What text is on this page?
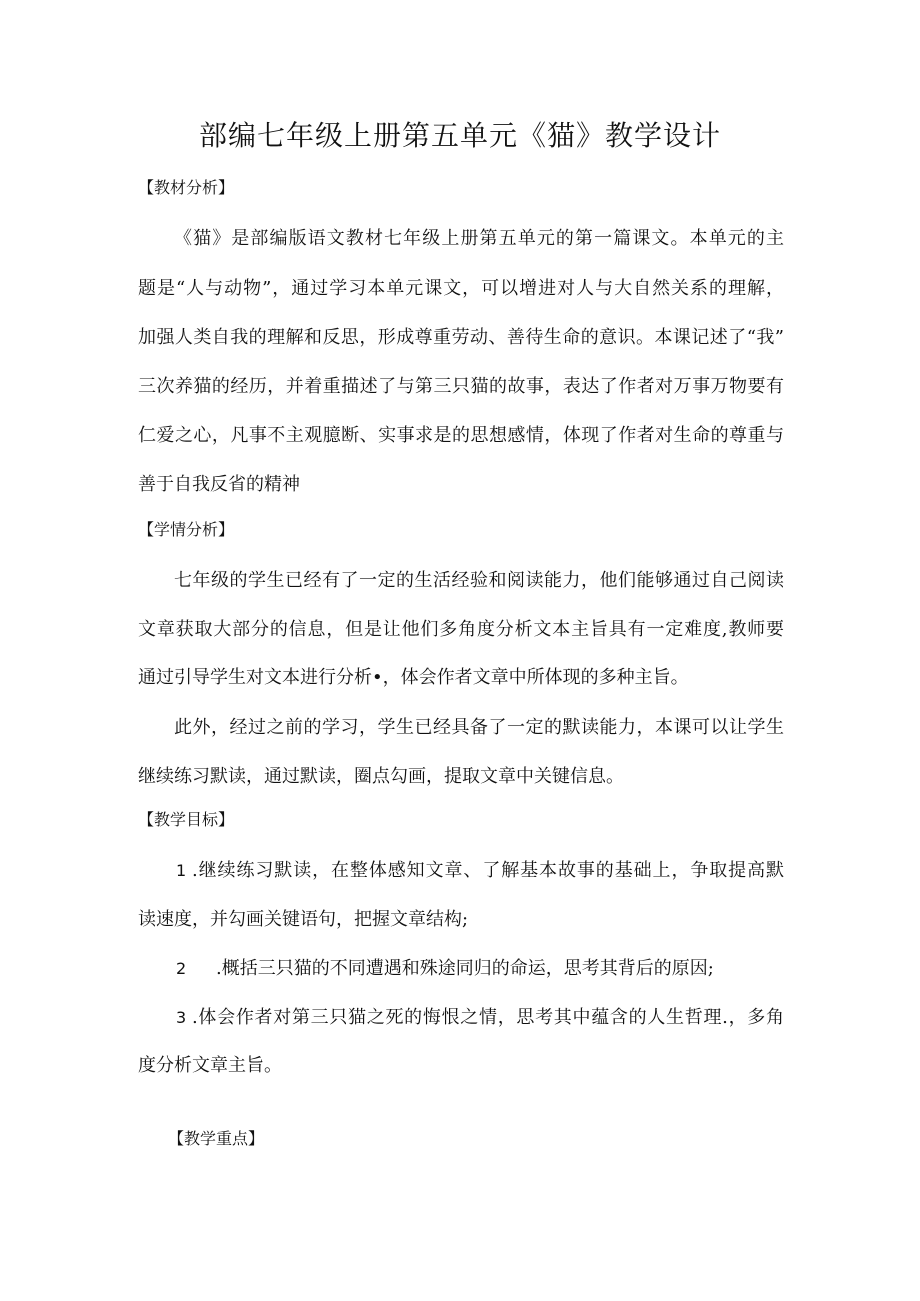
部编七年级上册第五单元《猫》教学设计
【教材分析】
《猫》是部编版语文教材七年级上册第五单元的第一篇课文。本单元的主
题是“人与动物”，通过学习本单元课文，可以增进对人与大自然关系的理解，
加强人类自我的理解和反思，形成尊重劳动、善待生命的意识。本课记述了“我”
三次养猫的经历，并着重描述了与第三只猫的故事，表达了作者对万事万物要有
仁爱之心，凡事不主观臆断、实事求是的思想感情，体现了作者对生命的尊重与
善于自我反省的精神
【学情分析】
七年级的学生已经有了一定的生活经验和阅读能力，他们能够通过自己阅读
文章获取大部分的信息，但是让他们多角度分析文本主旨具有一定难度,教师要
通过引导学生对文本进行分析•，体会作者文章中所体现的多种主旨。
此外，经过之前的学习，学生已经具备了一定的默读能力，本课可以让学生
继续练习默读，通过默读，圈点勾画，提取文章中关键信息。
【教学目标】
1 .继续练习默读，在整体感知文章、了解基本故事的基础上，争取提高默
读速度，并勾画关键语句，把握文章结构;
2 .概括三只猫的不同遭遇和殊途同归的命运，思考其背后的原因;
3 .体会作者对第三只猫之死的悔恨之情，思考其中蕴含的人生哲理.，多角
度分析文章主旨。
【教学重点】
